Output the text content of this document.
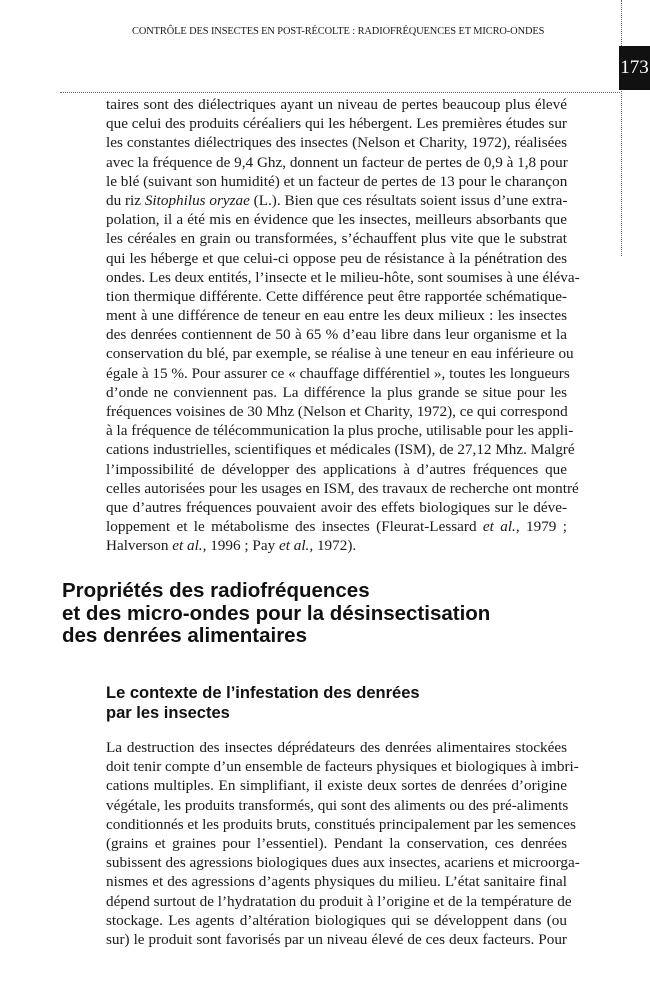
CONTRÔLE DES INSECTES EN POST-RÉCOLTE : RADIOFRÉQUENCES ET MICRO-ONDES
173
taires sont des diélectriques ayant un niveau de pertes beaucoup plus élevé
que celui des produits céréaliers qui les hébergent. Les premières études sur
les constantes diélectriques des insectes (Nelson et Charity, 1972), réalisées
avec la fréquence de 9,4 Ghz, donnent un facteur de pertes de 0,9 à 1,8 pour
le blé (suivant son humidité) et un facteur de pertes de 13 pour le charançon
du riz Sitophilus oryzae (L.). Bien que ces résultats soient issus d’une extra-
polation, il a été mis en évidence que les insectes, meilleurs absorbants que
les céréales en grain ou transformées, s’échauffent plus vite que le substrat
qui les héberge et que celui-ci oppose peu de résistance à la pénétration des
ondes. Les deux entités, l’insecte et le milieu-hôte, sont soumises à une éléva-
tion thermique différente. Cette différence peut être rapportée schématique-
ment à une différence de teneur en eau entre les deux milieux : les insectes
des denrées contiennent de 50 à 65 % d’eau libre dans leur organisme et la
conservation du blé, par exemple, se réalise à une teneur en eau inférieure ou
égale à 15 %. Pour assurer ce « chauffage différentiel », toutes les longueurs
d’onde ne conviennent pas. La différence la plus grande se situe pour les
fréquences voisines de 30 Mhz (Nelson et Charity, 1972), ce qui correspond
à la fréquence de télécommunication la plus proche, utilisable pour les appli-
cations industrielles, scientifiques et médicales (ISM), de 27,12 Mhz. Malgré
l’impossibilité de développer des applications à d’autres fréquences que
celles autorisées pour les usages en ISM, des travaux de recherche ont montré
que d’autres fréquences pouvaient avoir des effets biologiques sur le déve-
loppement et le métabolisme des insectes (Fleurat-Lessard et al., 1979 ;
Halverson et al., 1996 ; Pay et al., 1972).
Propriétés des radiofréquences
et des micro-ondes pour la désinsectisation
des denrées alimentaires
Le contexte de l’infestation des denrées
par les insectes
La destruction des insectes déprédateurs des denrées alimentaires stockées
doit tenir compte d’un ensemble de facteurs physiques et biologiques à imbri-
cations multiples. En simplifiant, il existe deux sortes de denrées d’origine
végétale, les produits transformés, qui sont des aliments ou des pré-aliments
conditionnés et les produits bruts, constitués principalement par les semences
(grains et graines pour l’essentiel). Pendant la conservation, ces denrées
subissent des agressions biologiques dues aux insectes, acariens et microorga-
nismes et des agressions d’agents physiques du milieu. L’état sanitaire final
dépend surtout de l’hydratation du produit à l’origine et de la température de
stockage. Les agents d’altération biologiques qui se développent dans (ou
sur) le produit sont favorisés par un niveau élevé de ces deux facteurs. Pour
